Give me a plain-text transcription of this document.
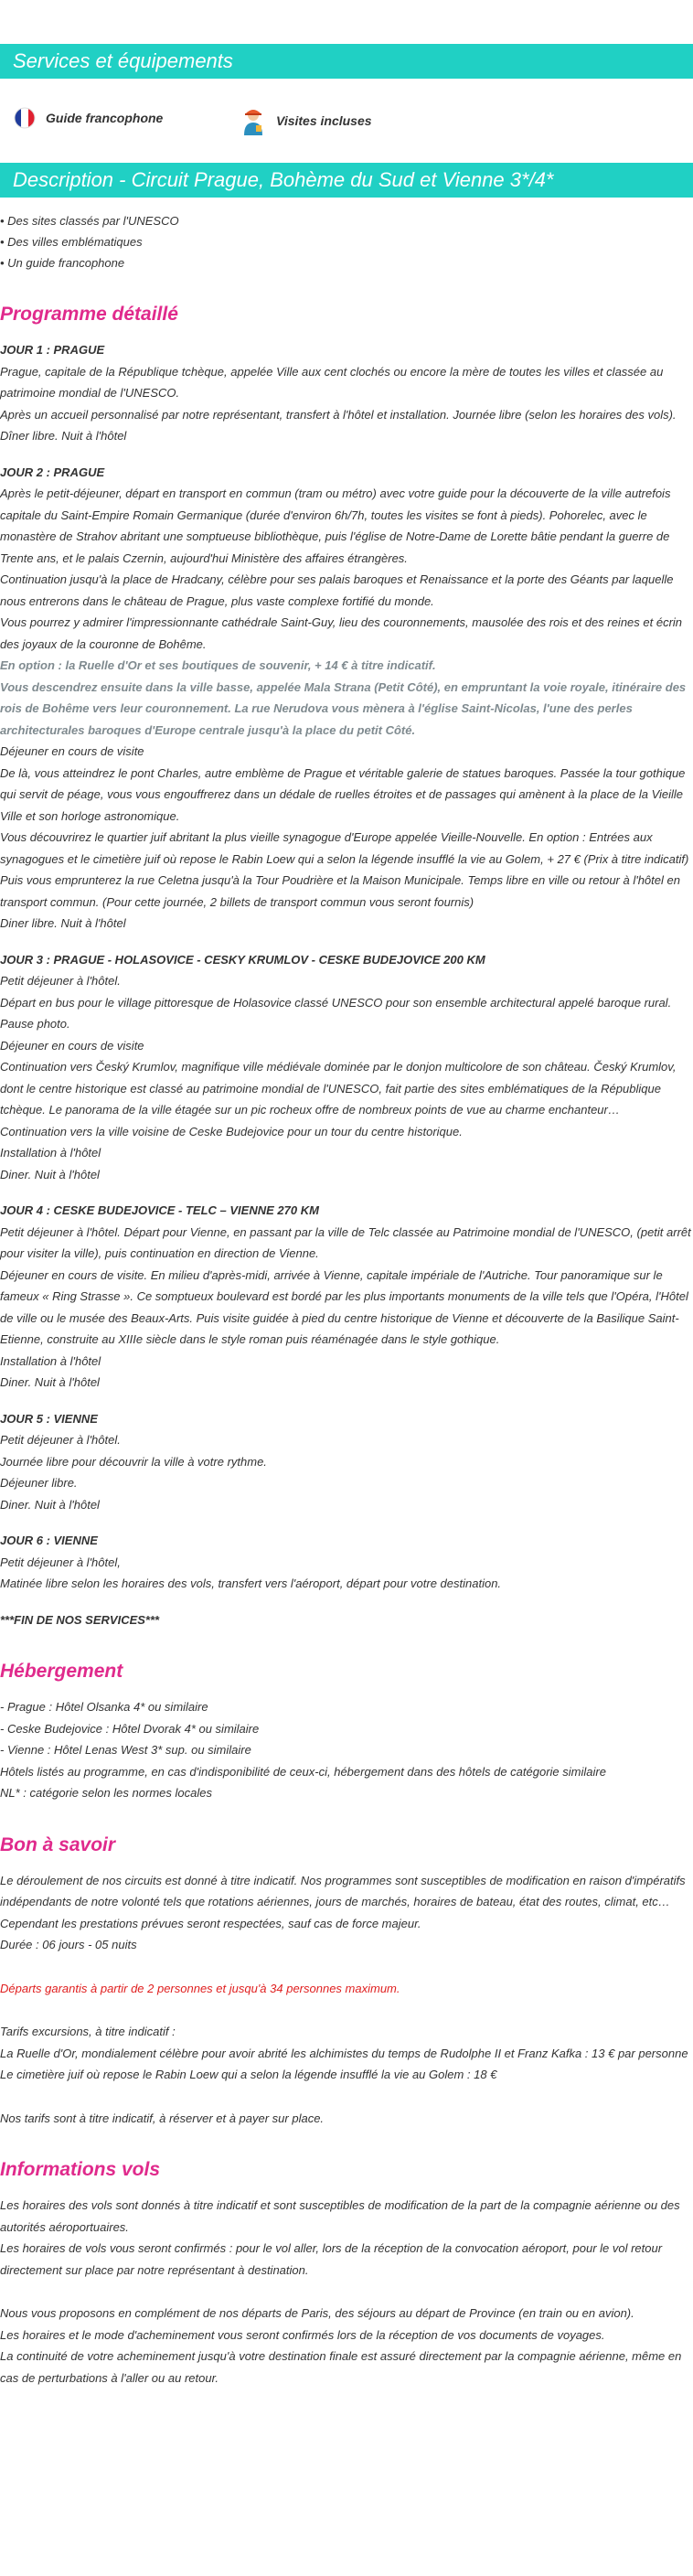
Services et équipements
Guide francophone	Visites incluses
Description - Circuit Prague, Bohème du Sud et Vienne 3*/4*
• Des sites classés par l'UNESCO
• Des villes emblématiques
• Un guide francophone
Programme détaillé

JOUR 1 : PRAGUE

Prague, capitale de la République tchèque, appelée Ville aux cent clochés ou encore la mère de toutes les villes et classée au patrimoine mondial de l'UNESCO.

Après un accueil personnalisé par notre représentant, transfert à l'hôtel et installation. Journée libre (selon les horaires des vols). Dîner libre. Nuit à l'hôtel

JOUR 2 : PRAGUE

Après le petit-déjeuner, départ en transport en commun (tram ou métro) avec votre guide pour la découverte de la ville autrefois capitale du Saint-Empire Romain Germanique (durée d'environ 6h/7h, toutes les visites se font à pieds). Pohorelec, avec le monastère de Strahov abritant une somptueuse bibliothèque, puis l'église de Notre-Dame de Lorette bâtie pendant la guerre de Trente ans, et le palais Czernin, aujourd'hui Ministère des affaires étrangères.

Continuation jusqu'à la place de Hradcany, célèbre pour ses palais baroques et Renaissance et la porte des Géants par laquelle nous entrerons dans le château de Prague, plus vaste complexe fortifié du monde.

Vous pourrez y admirer l'impressionnante cathédrale Saint-Guy, lieu des couronnements, mausolée des rois et des reines et écrin des joyaux de la couronne de Bohême.

En option : la Ruelle d'Or et ses boutiques de souvenir, + 14 € à titre indicatif.

Vous descendrez ensuite dans la ville basse, appelée Mala Strana (Petit Côté), en empruntant la voie royale, itinéraire des rois de Bohême vers leur couronnement. La rue Nerudova vous mènera à l'église Saint-Nicolas, l'une des perles architecturales baroques d'Europe centrale jusqu'à la place du petit Côté.

Déjeuner en cours de visite

De là, vous atteindrez le pont Charles, autre emblème de Prague et véritable galerie de statues baroques. Passée la tour gothique qui servit de péage, vous vous engouffrerez dans un dédale de ruelles étroites et de passages qui amènent à la place de la Vieille Ville et son horloge astronomique.

Vous découvrirez le quartier juif abritant la plus vieille synagogue d'Europe appelée Vieille-Nouvelle. En option : Entrées aux synagogues et le cimetière juif où repose le Rabin Loew qui a selon la légende insufflé la vie au Golem, + 27 € (Prix à titre indicatif)

Puis vous emprunterez la rue Celetna jusqu'à la Tour Poudrière et la Maison Municipale. Temps libre en ville ou retour à l'hôtel en transport commun. (Pour cette journée, 2 billets de transport commun vous seront fournis)

Diner libre. Nuit à l'hôtel

JOUR 3 : PRAGUE - HOLASOVICE - CESKY KRUMLOV - CESKE BUDEJOVICE 200 KM

Petit déjeuner à l'hôtel.

Départ en bus pour le village pittoresque de Holasovice classé UNESCO pour son ensemble architectural appelé baroque rural. Pause photo.

Déjeuner en cours de visite

Continuation vers Český Krumlov, magnifique ville médiévale dominée par le donjon multicolore de son château. Český Krumlov, dont le centre historique est classé au patrimoine mondial de l'UNESCO, fait partie des sites emblématiques de la République tchèque. Le panorama de la ville étagée sur un pic rocheux offre de nombreux points de vue au charme enchanteur…

Continuation vers la ville voisine de Ceske Budejovice pour un tour du centre historique.

Installation à l'hôtel

Diner. Nuit à l'hôtel

JOUR 4 : CESKE BUDEJOVICE - TELC – VIENNE 270 KM

Petit déjeuner à l'hôtel. Départ pour Vienne, en passant par la ville de Telc classée au Patrimoine mondial de l'UNESCO, (petit arrêt pour visiter la ville), puis continuation en direction de Vienne.

Déjeuner en cours de visite. En milieu d'après-midi, arrivée à Vienne, capitale impériale de l'Autriche. Tour panoramique sur le fameux « Ring Strasse ». Ce somptueux boulevard est bordé par les plus importants monuments de la ville tels que l'Opéra, l'Hôtel de ville ou le musée des Beaux-Arts. Puis visite guidée à pied du centre historique de Vienne et découverte de la Basilique Saint-Etienne, construite au XIIIe siècle dans le style roman puis réaménagée dans le style gothique.

Installation à l'hôtel

Diner. Nuit à l'hôtel

JOUR 5 : VIENNE

Petit déjeuner à l'hôtel.

Journée libre pour découvrir la ville à votre rythme.

Déjeuner libre.

Diner. Nuit à l'hôtel

JOUR 6 : VIENNE

Petit déjeuner à l'hôtel,

Matinée libre selon les horaires des vols, transfert vers l'aéroport, départ pour votre destination.

***FIN DE NOS SERVICES***

Hébergement

- Prague : Hôtel Olsanka 4* ou similaire

- Ceske Budejovice : Hôtel Dvorak 4* ou similaire

- Vienne : Hôtel Lenas West 3* sup. ou similaire

Hôtels listés au programme, en cas d'indisponibilité de ceux-ci, hébergement dans des hôtels de catégorie similaire

NL* : catégorie selon les normes locales

Bon à savoir

Le déroulement de nos circuits est donné à titre indicatif. Nos programmes sont susceptibles de modification en raison d'impératifs indépendants de notre volonté tels que rotations aériennes, jours de marchés, horaires de bateau, état des routes, climat, etc… Cependant les prestations prévues seront respectées, sauf cas de force majeur.

Durée : 06 jours - 05 nuits

Départs garantis à partir de 2 personnes et jusqu'à 34 personnes maximum.

Tarifs excursions, à titre indicatif :

La Ruelle d'Or, mondialement célèbre pour avoir abrité les alchimistes du temps de Rudolphe II et Franz Kafka : 13 € par personne

Le cimetière juif où repose le Rabin Loew qui a selon la légende insufflé la vie au Golem : 18 €

Nos tarifs sont à titre indicatif, à réserver et à payer sur place.

Informations vols

Les horaires des vols sont donnés à titre indicatif et sont susceptibles de modification de la part de la compagnie aérienne ou des autorités aéroportuaires.

Les horaires de vols vous seront confirmés : pour le vol aller, lors de la réception de la convocation aéroport, pour le vol retour directement sur place par notre représentant à destination.

Nous vous proposons en complément de nos départs de Paris, des séjours au départ de Province (en train ou en avion).

Les horaires et le mode d'acheminement vous seront confirmés lors de la réception de vos documents de voyages.

La continuité de votre acheminement jusqu'à votre destination finale est assuré directement par la compagnie aérienne, même en cas de perturbations à l'aller ou au retour.
